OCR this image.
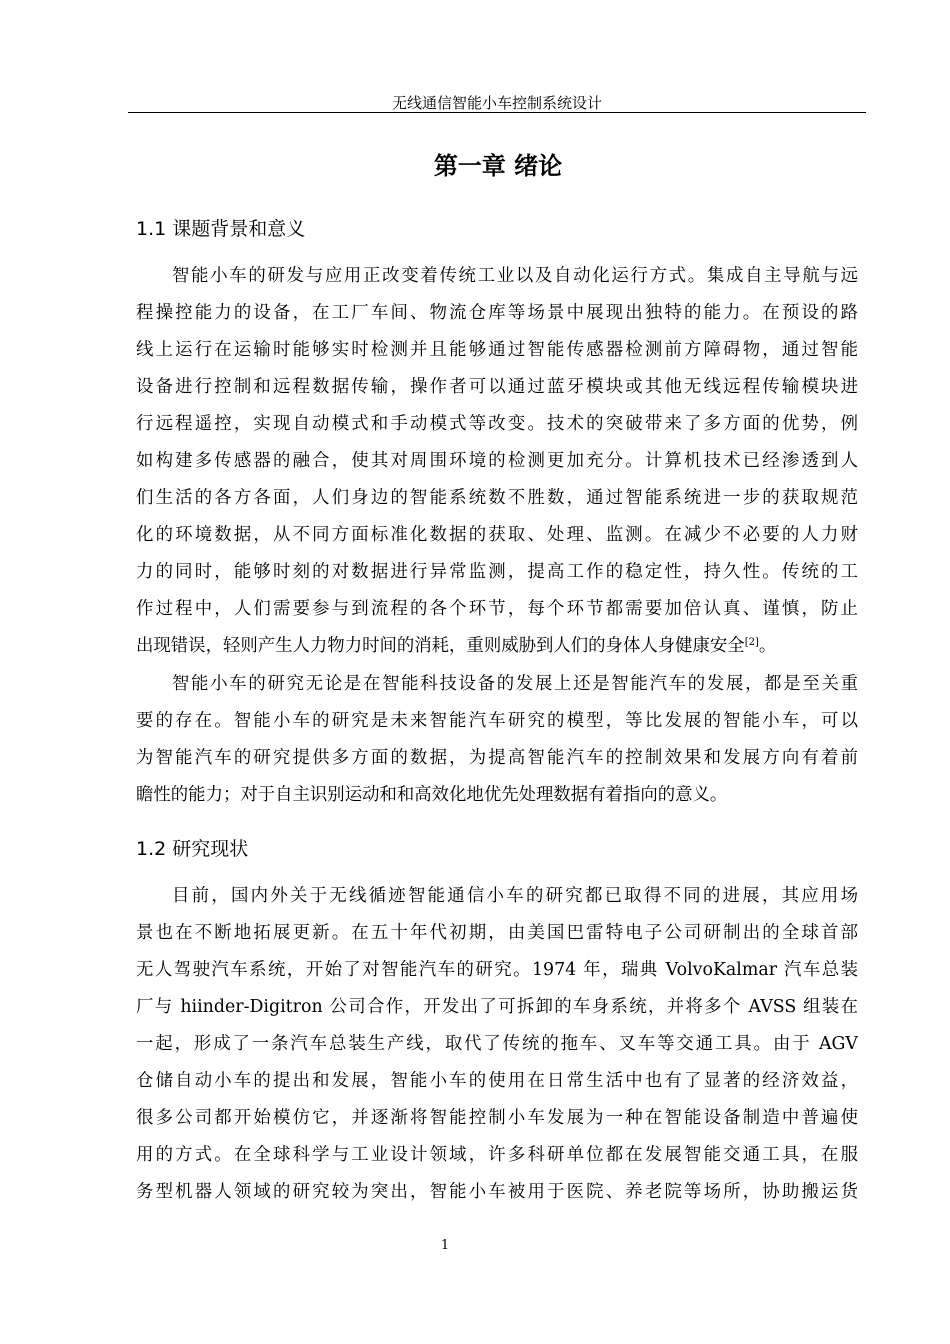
无线通信智能小车控制系统设计
第一章 绪论
1.1 课题背景和意义
智能小车的研发与应用正改变着传统工业以及自动化运行方式。集成自主导航与远
程操控能力的设备，在工厂车间、物流仓库等场景中展现出独特的能力。在预设的路
线上运行在运输时能够实时检测并且能够通过智能传感器检测前方障碍物，通过智能
设备进行控制和远程数据传输，操作者可以通过蓝牙模块或其他无线远程传输模块进
行远程遥控，实现自动模式和手动模式等改变。技术的突破带来了多方面的优势，例
如构建多传感器的融合，使其对周围环境的检测更加充分。计算机技术已经渗透到人
们生活的各方各面，人们身边的智能系统数不胜数，通过智能系统进一步的获取规范
化的环境数据，从不同方面标准化数据的获取、处理、监测。在减少不必要的人力财
力的同时，能够时刻的对数据进行异常监测，提高工作的稳定性，持久性。传统的工
作过程中，人们需要参与到流程的各个环节，每个环节都需要加倍认真、谨慎，防止
出现错误，轻则产生人力物力时间的消耗，重则威胁到人们的身体人身健康安全[2]。
智能小车的研究无论是在智能科技设备的发展上还是智能汽车的发展，都是至关重
要的存在。智能小车的研究是未来智能汽车研究的模型，等比发展的智能小车，可以
为智能汽车的研究提供多方面的数据，为提高智能汽车的控制效果和发展方向有着前
瞻性的能力；对于自主识别运动和和高效化地优先处理数据有着指向的意义。
1.2 研究现状
目前，国内外关于无线循迹智能通信小车的研究都已取得不同的进展，其应用场
景也在不断地拓展更新。在五十年代初期，由美国巴雷特电子公司研制出的全球首部
无人驾驶汽车系统，开始了对智能汽车的研究。1974 年，瑞典 VolvoKalmar 汽车总装
厂与 hiinder-Digitron 公司合作，开发出了可拆卸的车身系统，并将多个 AVSS 组装在
一起，形成了一条汽车总装生产线，取代了传统的拖车、叉车等交通工具。由于 AGV
仓储自动小车的提出和发展，智能小车的使用在日常生活中也有了显著的经济效益，
很多公司都开始模仿它，并逐渐将智能控制小车发展为一种在智能设备制造中普遍使
用的方式。在全球科学与工业设计领域，许多科研单位都在发展智能交通工具，在服
务型机器人领域的研究较为突出，智能小车被用于医院、养老院等场所，协助搬运货
1
